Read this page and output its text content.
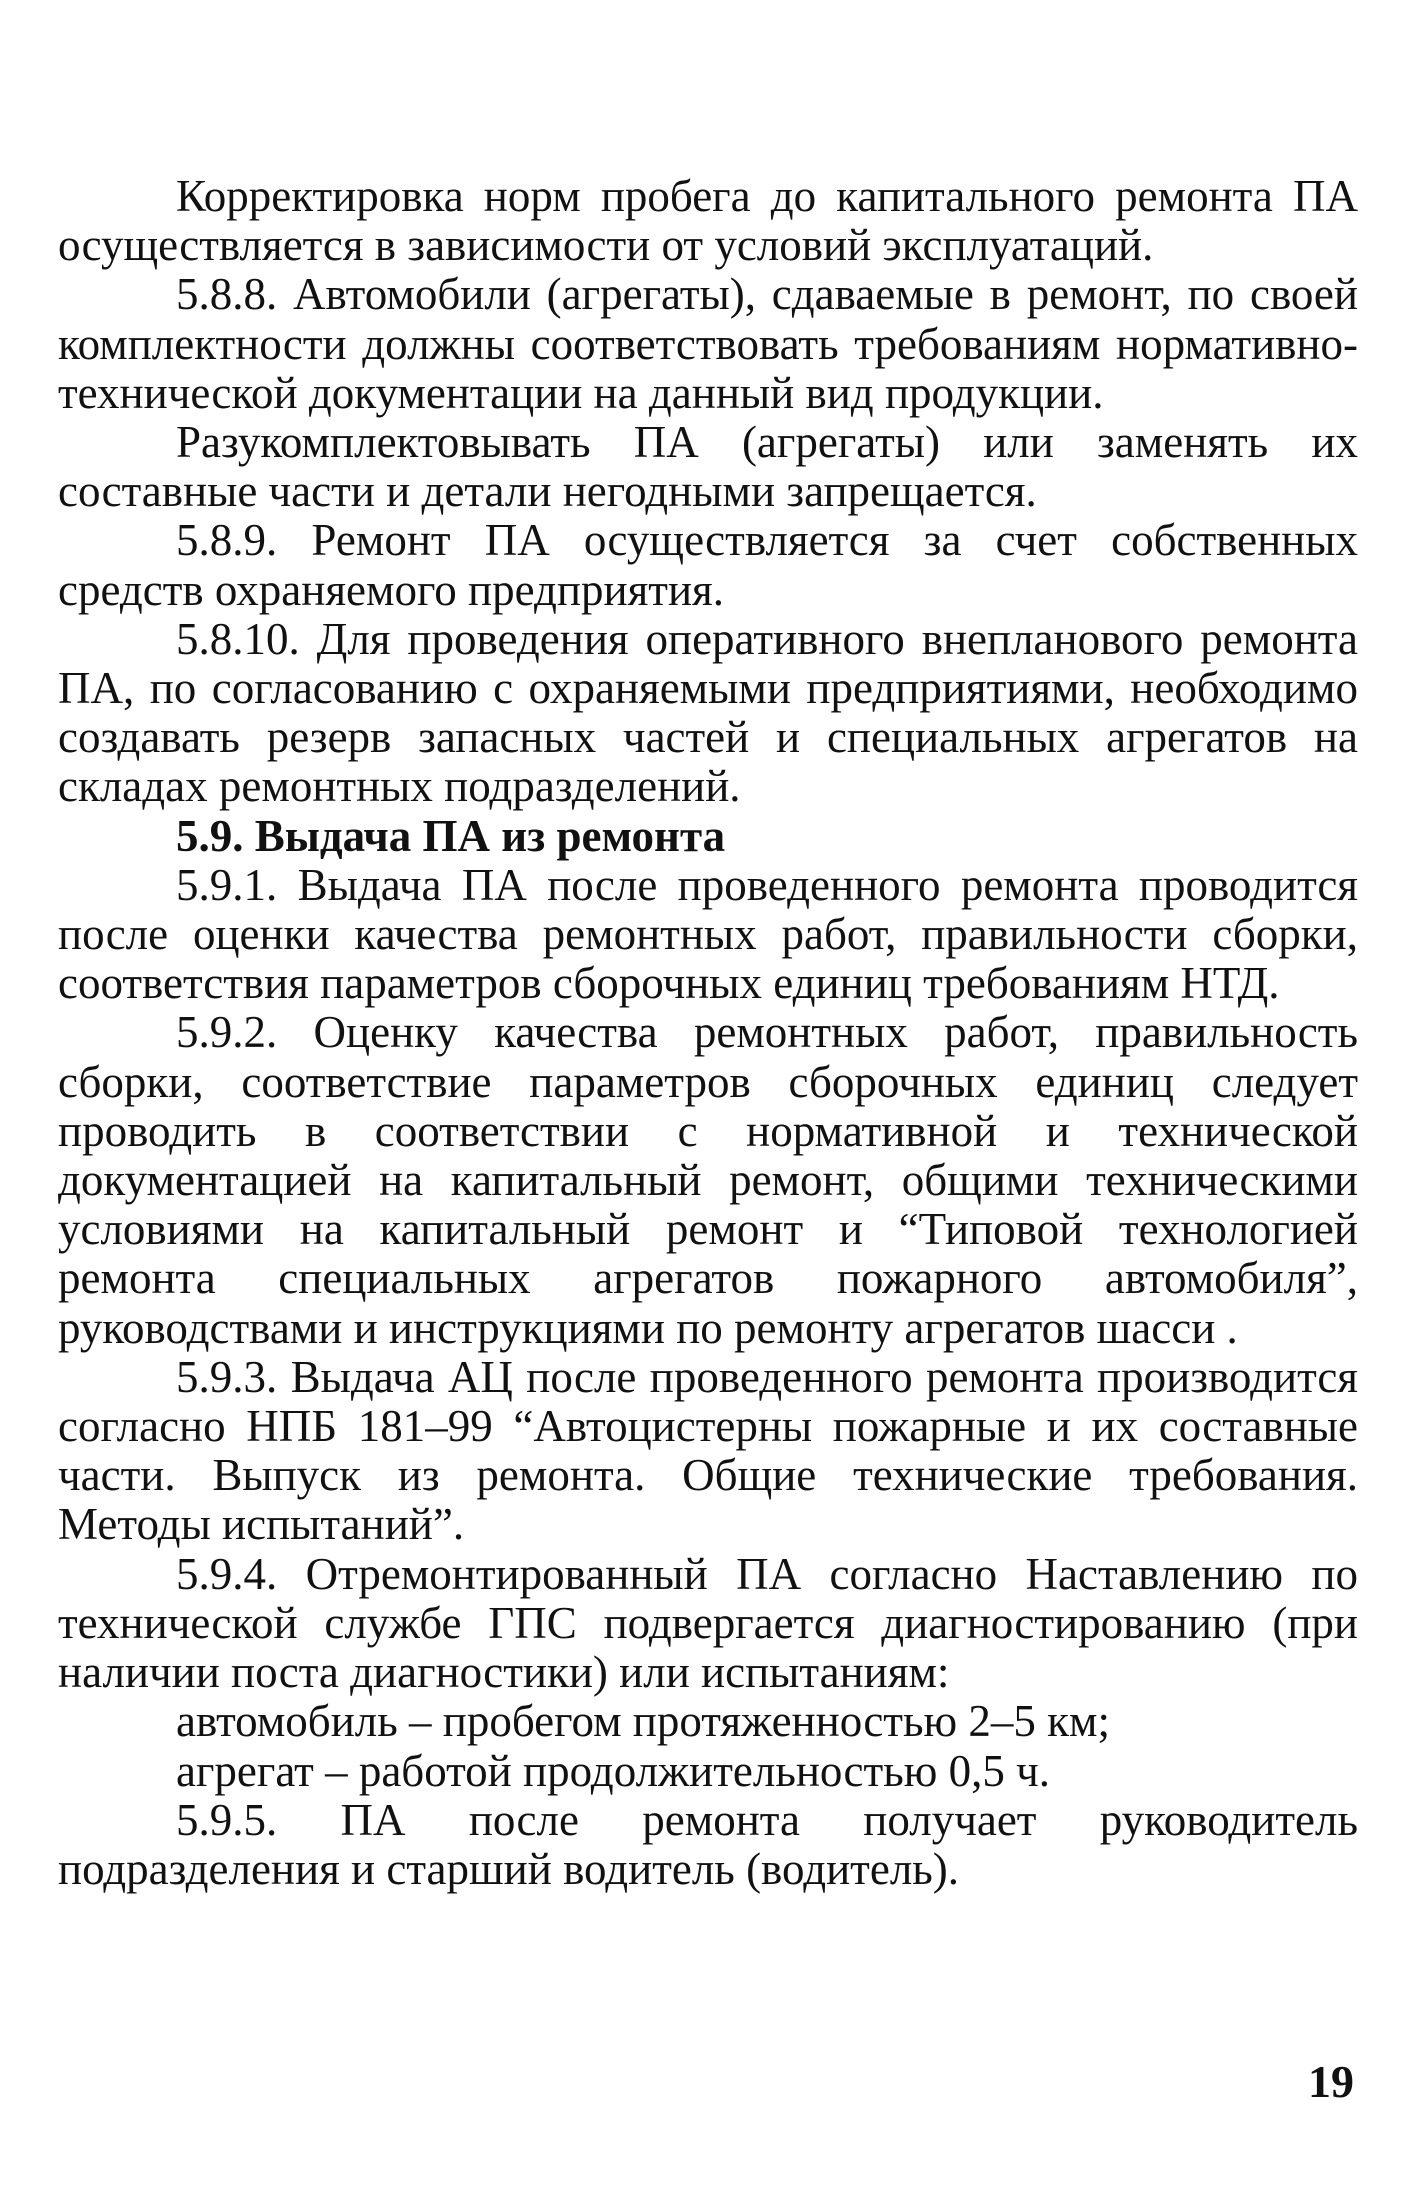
Корректировка норм пробега до капитального ремонта ПА осуществляется в зависимости от условий эксплуатаций.

5.8.8. Автомобили (агрегаты), сдаваемые в ремонт, по своей комплектности должны соответствовать требованиям нормативно-технической документации на данный вид продукции.

Разукомплектовывать ПА (агрегаты) или заменять их составные части и детали негодными запрещается.

5.8.9. Ремонт ПА осуществляется за счет собственных средств охраняемого предприятия.

5.8.10. Для проведения оперативного внепланового ремонта ПА, по согласованию с охраняемыми предприятиями, необходимо создавать резерв запасных частей и специальных агрегатов на складах ремонтных подразделений.

5.9. Выдача ПА из ремонта

5.9.1. Выдача ПА после проведенного ремонта проводится после оценки качества ремонтных работ, правильности сборки, соответствия параметров сборочных единиц требованиям НТД.

5.9.2. Оценку качества ремонтных работ, правильность сборки, соответствие параметров сборочных единиц следует проводить в соответствии с нормативной и технической документацией на капитальный ремонт, общими техническими условиями на капитальный ремонт и “Типовой технологией ремонта специальных агрегатов пожарного автомобиля”, руководствами и инструкциями по ремонту агрегатов шасси .

5.9.3. Выдача АЦ после проведенного ремонта производится согласно НПБ 181–99 “Автоцистерны пожарные и их составные части. Выпуск из ремонта. Общие технические требования. Методы испытаний”.

5.9.4. Отремонтированный ПА согласно Наставлению по технической службе ГПС подвергается диагностированию (при наличии поста диагностики) или испытаниям:

автомобиль – пробегом протяженностью 2–5 км;

агрегат – работой продолжительностью 0,5 ч.

5.9.5. ПА после ремонта получает руководитель подразделения и старший водитель (водитель).

19
